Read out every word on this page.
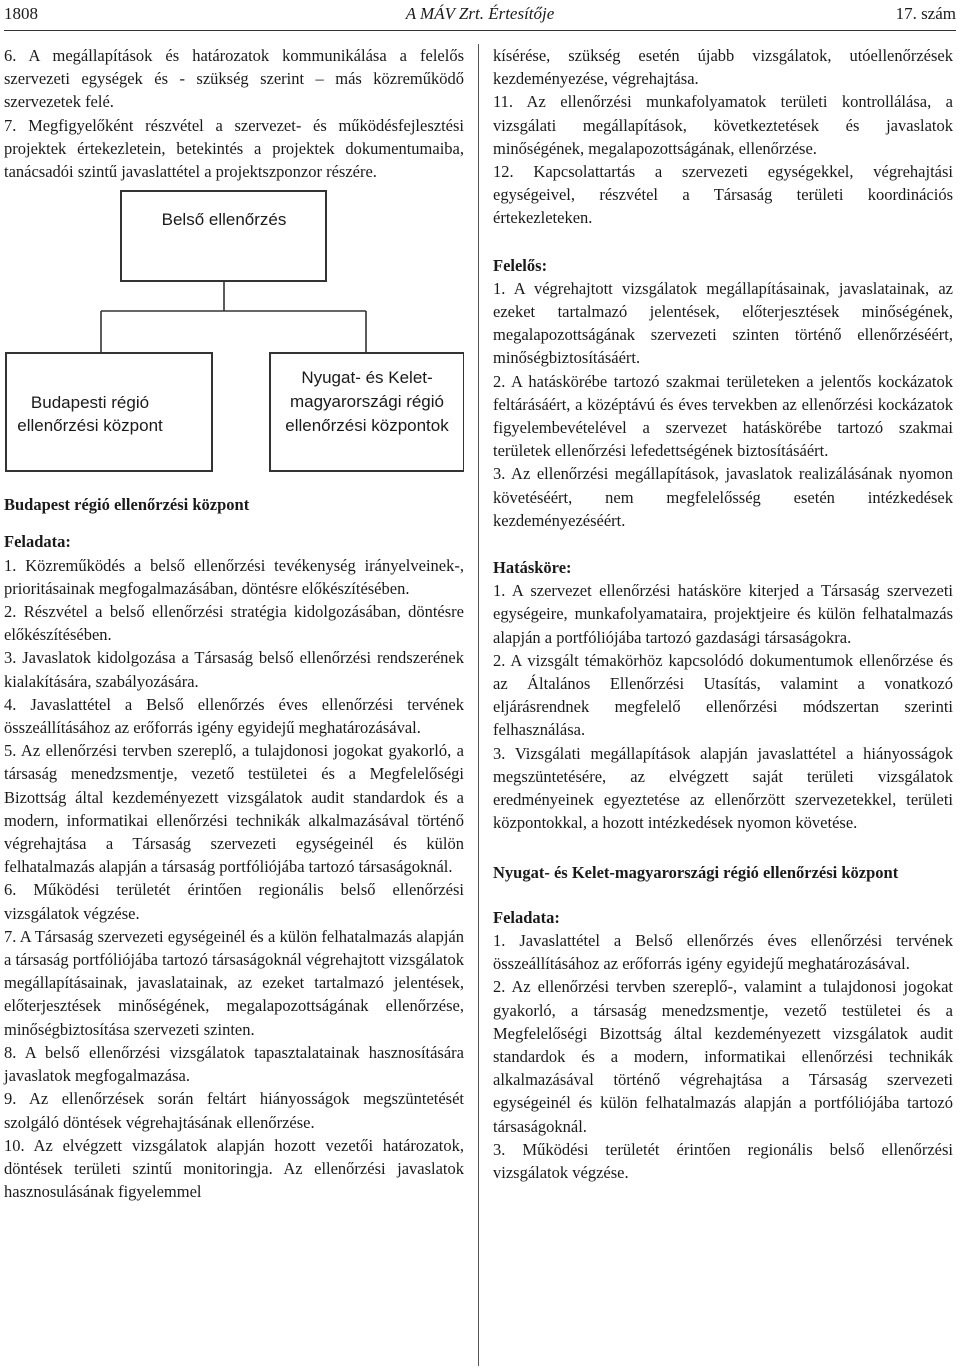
1808	A MÁV Zrt. Értesítője	17. szám

6. A megállapítások és határozatok kommunikálása a felelős szervezeti egységek és - szükség szerint – más közreműködő szervezetek felé.

7. Megfigyelőként részvétel a szervezet- és működésfejlesztési projektek értekezletein, betekintés a projektek dokumentumaiba, tanácsadói szintű javaslattétel a projektszponzor részére.

Belső ellenőrzés
Budapesti régió
ellenőrzési központ
Nyugat- és Kelet-
magyarországi régió
ellenőrzési központok

Budapest régió ellenőrzési központ

Feladata:

1. Közreműködés a belső ellenőrzési tevékenység irányelveinek-, prioritásainak megfogalmazásában, döntésre előkészítésében.

2. Részvétel a belső ellenőrzési stratégia kidolgozásában, döntésre előkészítésében.

3. Javaslatok kidolgozása a Társaság belső ellenőrzési rendszerének kialakítására, szabályozására.

4. Javaslattétel a Belső ellenőrzés éves ellenőrzési tervének összeállításához az erőforrás igény egyidejű meghatározásával.

5. Az ellenőrzési tervben szereplő, a tulajdonosi jogokat gyakorló, a társaság menedzsmentje, vezető testületei és a Megfelelőségi Bizottság által kezdeményezett vizsgálatok audit standardok és a modern, informatikai ellenőrzési technikák alkalmazásával történő végrehajtása a Társaság szervezeti egységeinél és külön felhatalmazás alapján a társaság portfóliójába tartozó társaságoknál.

6. Működési területét érintően regionális belső ellenőrzési vizsgálatok végzése.

7. A Társaság szervezeti egységeinél és a külön felhatalmazás alapján a társaság portfóliójába tartozó társaságoknál végrehajtott vizsgálatok megállapításainak, javaslatainak, az ezeket tartalmazó jelentések, előterjesztések minőségének, megalapozottságának ellenőrzése, minőségbiztosítása szervezeti szinten.

8. A belső ellenőrzési vizsgálatok tapasztalatainak hasznosítására javaslatok megfogalmazása.

9. Az ellenőrzések során feltárt hiányosságok megszüntetését szolgáló döntések végrehajtásának ellenőrzése.

10. Az elvégzett vizsgálatok alapján hozott vezetői határozatok, döntések területi szintű monitoringja. Az ellenőrzési javaslatok hasznosulásának figyelemmel

kísérése, szükség esetén újabb vizsgálatok, utóellenőrzések kezdeményezése, végrehajtása.

11. Az ellenőrzési munkafolyamatok területi kontrollálása, a vizsgálati megállapítások, következtetések és javaslatok minőségének, megalapozottságának, ellenőrzése.

12. Kapcsolattartás a szervezeti egységekkel, végrehajtási egységeivel, részvétel a Társaság területi koordinációs értekezleteken.

Felelős:

1. A végrehajtott vizsgálatok megállapításainak, javaslatainak, az ezeket tartalmazó jelentések, előterjesztések minőségének, megalapozottságának szervezeti szinten történő ellenőrzéséért, minőségbiztosításáért.

2. A hatáskörébe tartozó szakmai területeken a jelentős kockázatok feltárásáért, a középtávú és éves tervekben az ellenőrzési kockázatok figyelembevételével a szervezet hatáskörébe tartozó szakmai területek ellenőrzési lefedettségének biztosításáért.

3. Az ellenőrzési megállapítások, javaslatok realizálásának nyomon követéséért, nem megfelelősség esetén intézkedések kezdeményezéséért.

Hatásköre:

1. A szervezet ellenőrzési hatásköre kiterjed a Társaság szervezeti egységeire, munkafolyamataira, projektjeire és külön felhatalmazás alapján a portfóliójába tartozó gazdasági társaságokra.

2. A vizsgált témakörhöz kapcsolódó dokumentumok ellenőrzése és az Általános Ellenőrzési Utasítás, valamint a vonatkozó eljárásrendnek megfelelő ellenőrzési módszertan szerinti felhasználása.

3. Vizsgálati megállapítások alapján javaslattétel a hiányosságok megszüntetésére, az elvégzett saját területi vizsgálatok eredményeinek egyeztetése az ellenőrzött szervezetekkel, területi központokkal, a hozott intézkedések nyomon követése.

Nyugat- és Kelet-magyarországi régió ellenőrzési központ

Feladata:

1. Javaslattétel a Belső ellenőrzés éves ellenőrzési tervének összeállításához az erőforrás igény egyidejű meghatározásával.

2. Az ellenőrzési tervben szereplő-, valamint a tulajdonosi jogokat gyakorló, a társaság menedzsmentje, vezető testületei és a Megfelelőségi Bizottság által kezdeményezett vizsgálatok audit standardok és a modern, informatikai ellenőrzési technikák alkalmazásával történő végrehajtása a Társaság szervezeti egységeinél és külön felhatalmazás alapján a portfóliójába tartozó társaságoknál.

3. Működési területét érintően regionális belső ellenőrzési vizsgálatok végzése.
